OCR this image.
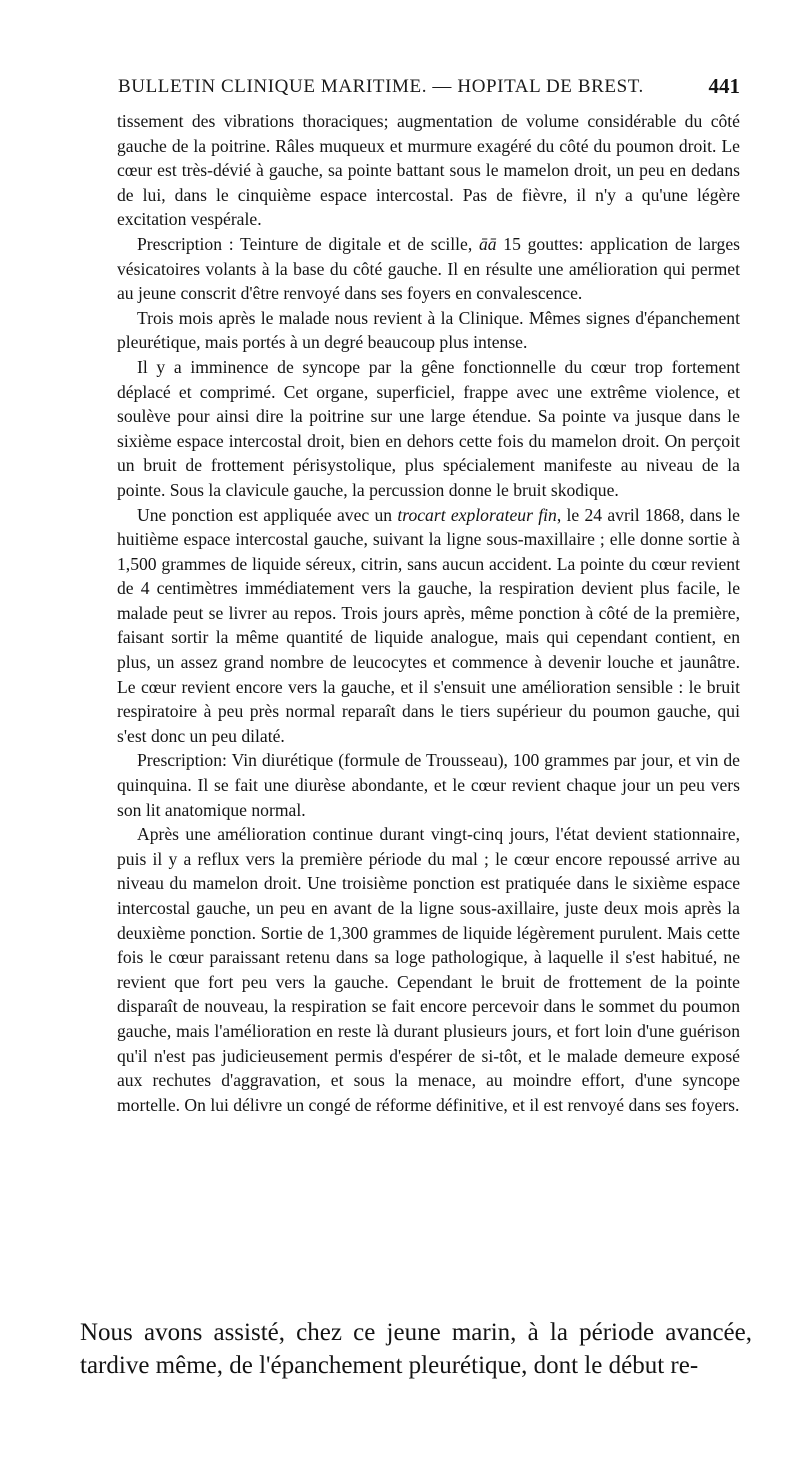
BULLETIN CLINIQUE MARITIME. — HOPITAL DE BREST.	441

tissement des vibrations thoraciques; augmentation de volume considérable du côté gauche de la poitrine. Râles muqueux et murmure exagéré du côté du poumon droit. Le cœur est très-dévié à gauche, sa pointe battant sous le mamelon droit, un peu en dedans de lui, dans le cinquième espace intercostal. Pas de fièvre, il n'y a qu'une légère excitation vespérale.

Prescription : Teinture de digitale et de scille, āā 15 gouttes: application de larges vésicatoires volants à la base du côté gauche. Il en résulte une amélioration qui permet au jeune conscrit d'être renvoyé dans ses foyers en convalescence.

Trois mois après le malade nous revient à la Clinique. Mêmes signes d'épanchement pleurétique, mais portés à un degré beaucoup plus intense.

Il y a imminence de syncope par la gêne fonctionnelle du cœur trop fortement déplacé et comprimé. Cet organe, superficiel, frappe avec une extrême violence, et soulève pour ainsi dire la poitrine sur une large étendue. Sa pointe va jusque dans le sixième espace intercostal droit, bien en dehors cette fois du mamelon droit. On perçoit un bruit de frottement périsystolique, plus spécialement manifeste au niveau de la pointe. Sous la clavicule gauche, la percussion donne le bruit skodique.

Une ponction est appliquée avec un trocart explorateur fin, le 24 avril 1868, dans le huitième espace intercostal gauche, suivant la ligne sous-maxillaire ; elle donne sortie à 1,500 grammes de liquide séreux, citrin, sans aucun accident. La pointe du cœur revient de 4 centimètres immédiatement vers la gauche, la respiration devient plus facile, le malade peut se livrer au repos. Trois jours après, même ponction à côté de la première, faisant sortir la même quantité de liquide analogue, mais qui cependant contient, en plus, un assez grand nombre de leucocytes et commence à devenir louche et jaunâtre. Le cœur revient encore vers la gauche, et il s'ensuit une amélioration sensible : le bruit respiratoire à peu près normal reparaît dans le tiers supérieur du poumon gauche, qui s'est donc un peu dilaté.

Prescription: Vin diurétique (formule de Trousseau), 100 grammes par jour, et vin de quinquina. Il se fait une diurèse abondante, et le cœur revient chaque jour un peu vers son lit anatomique normal.

Après une amélioration continue durant vingt-cinq jours, l'état devient stationnaire, puis il y a reflux vers la première période du mal ; le cœur encore repoussé arrive au niveau du mamelon droit. Une troisième ponction est pratiquée dans le sixième espace intercostal gauche, un peu en avant de la ligne sous-axillaire, juste deux mois après la deuxième ponction. Sortie de 1,300 grammes de liquide légèrement purulent. Mais cette fois le cœur paraissant retenu dans sa loge pathologique, à laquelle il s'est habitué, ne revient que fort peu vers la gauche. Cependant le bruit de frottement de la pointe disparaît de nouveau, la respiration se fait encore percevoir dans le sommet du poumon gauche, mais l'amélioration en reste là durant plusieurs jours, et fort loin d'une guérison qu'il n'est pas judicieusement permis d'espérer de si-tôt, et le malade demeure exposé aux rechutes d'aggravation, et sous la menace, au moindre effort, d'une syncope mortelle. On lui délivre un congé de réforme définitive, et il est renvoyé dans ses foyers.

Nous avons assisté, chez ce jeune marin, à la période avancée, tardive même, de l'épanchement pleurétique, dont le début re-
